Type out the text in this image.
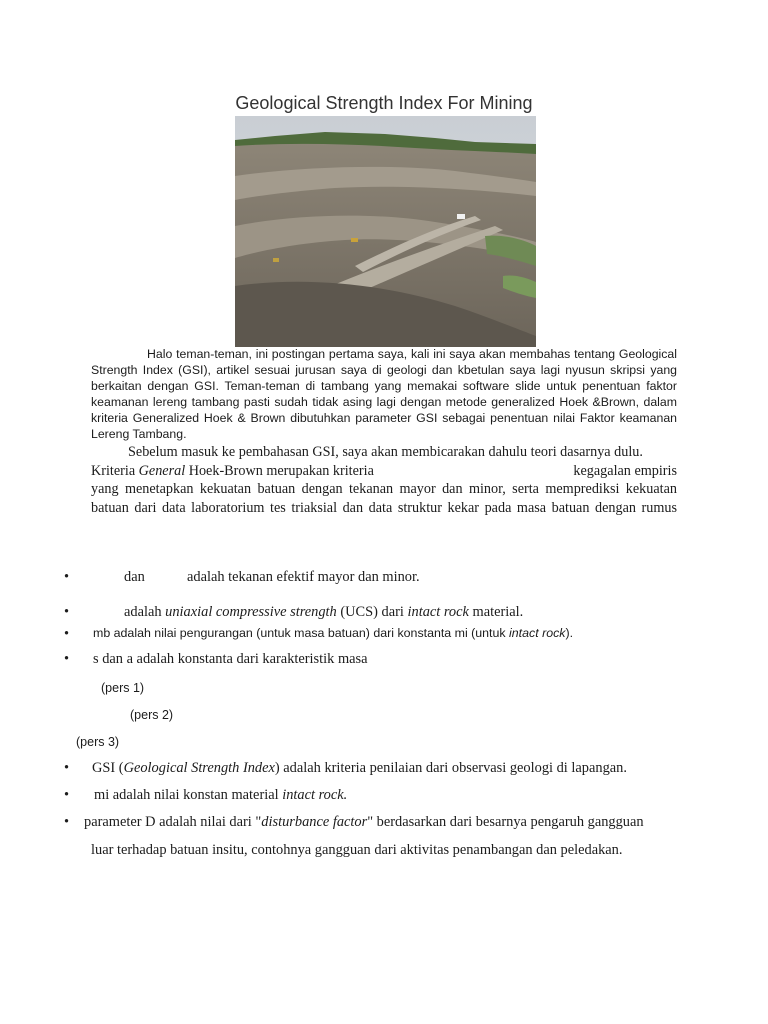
Geological Strength Index For Mining
Halo teman-teman, ini postingan pertama saya, kali ini saya akan membahas tentang Geological Strength Index (GSI), artikel sesuai jurusan saya di geologi dan kbetulan saya lagi nyusun skripsi yang berkaitan dengan GSI. Teman-teman di tambang yang memakai software slide untuk penentuan faktor keamanan lereng tambang pasti sudah tidak asing lagi dengan metode generalized Hoek &Brown, dalam kriteria Generalized Hoek & Brown dibutuhkan parameter GSI sebagai penentuan nilai Faktor keamanan Lereng Tambang.
Sebelum masuk ke pembahasan GSI, saya akan membicarakan dahulu teori dasarnya dulu.
Kriteria General Hoek-Brown merupakan kriteria	kegagalan empiris
yang menetapkan kekuatan batuan dengan tekanan mayor dan minor, serta memprediksi kekuatan batuan dari data laboratorium tes triaksial dan data struktur kekar pada masa batuan dengan rumus
•	dan	adalah tekanan efektif mayor dan minor.
•	adalah uniaxial compressive strength (UCS) dari intact rock material.
• mb adalah nilai pengurangan (untuk masa batuan) dari konstanta mi (untuk intact rock).
• s dan a adalah konstanta dari karakteristik masa
(pers 1)
(pers 2)
(pers 3)
• GSI (Geological Strength Index) adalah kriteria penilaian dari observasi geologi di lapangan.
• mi adalah nilai konstan material intact rock.
• parameter D adalah nilai dari "disturbance factor" berdasarkan dari besarnya pengaruh gangguan
luar terhadap batuan insitu, contohnya gangguan dari aktivitas penambangan dan peledakan.
